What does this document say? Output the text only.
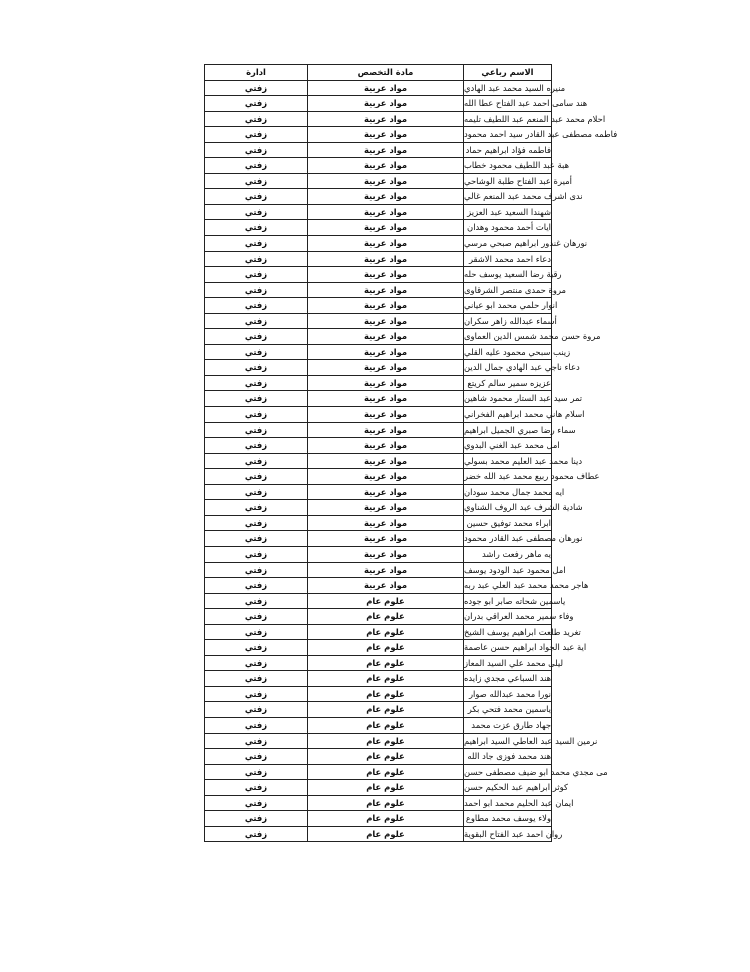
ادارة	مادة التخصص	الاسم رباعي
زفتي	مواد عربية	منيره السيد محمد عبد الهادي
زفتي	مواد عربية	هند سامى احمد عبد الفتاح عطا الله
زفتي	مواد عربية	احلام محمد عبد المنعم عبد اللطيف تليمه
زفتي	مواد عربية	فاطمه مصطفى عبد القادر سيد احمد محمود
زفتي	مواد عربية	فاطمه فؤاد ابراهيم حماد
زفتي	مواد عربية	هبة عبد اللطيف محمود خطاب
زفتي	مواد عربية	أميرة عبد الفتاح طلبة الوشاحي
زفتي	مواد عربية	ندى اشرف محمد عبد المنعم غالي
زفتي	مواد عربية	شهندا السعيد عبد العزيز
زفتي	مواد عربية	ايات أحمد محمود وهدان
زفتي	مواد عربية	نورهان غندور ابراهيم صبحي مرسي
زفتي	مواد عربية	دعاء احمد محمد الاشقر
زفتي	مواد عربية	رقية رضا السعيد يوسف حله
زفتي	مواد عربية	مروة حمدى منتصر الشرقاوى
زفتي	مواد عربية	انوار حلمي محمد ابو عياني
زفتي	مواد عربية	أسماء عبدالله زاهر سكران
زفتي	مواد عربية	مروة حسن محمد شمس الدين العماوى
زفتي	مواد عربية	زينب سبحي محمود عليه القلي
زفتي	مواد عربية	دعاء ناجي عبد الهادي جمال الدين
زفتي	مواد عربية	عزيزه سمير سالم كريتع
زفتي	مواد عربية	تمر سيد عبد الستار محمود شاهين
زفتي	مواد عربية	اسلام هاني محمد ابراهيم الفخراني
زفتي	مواد عربية	سماء رضا صبري الجميل ابراهيم
زفتي	مواد عربية	امل محمد عبد الغني البدوي
زفتي	مواد عربية	دينا محمد عبد العليم محمد بسولي
زفتي	مواد عربية	عطاف محمود ربيع محمد عبد الله خضر
زفتي	مواد عربية	ايه محمد جمال محمد سودان
زفتي	مواد عربية	شادية الشرف عبد الروف الشناوي
زفتي	مواد عربية	ابراء محمد توفيق حسين
زفتي	مواد عربية	نورهان مصطفى عبد القادر محمود
زفتي	مواد عربية	يه ماهر رفعت راشد
زفتي	مواد عربية	امل محمود عبد الودود يوسف
زفتي	مواد عربية	هاجر محمد محمد عبد العلي عبد ربه
زفتي	علوم عام	ياسمين شحاته صابر ابو جوده
زفتي	علوم عام	وفاء سمير محمد العراقي بدران
زفتي	علوم عام	تغريد طلعت ابراهيم يوسف الشيخ
زفتي	علوم عام	اية عبد الجواد ابراهيم حسن عاصمة
زفتي	علوم عام	ليلى محمد علي السيد المعاز
زفتي	علوم عام	هند السباعي مجدي زايده
زفتي	علوم عام	نورا محمد عبدالله صوار
زفتي	علوم عام	ياسمين محمد فتحي بكر
زفتي	علوم عام	جهاد طارق عزت محمد
زفتي	علوم عام	نرمين السيد عبد العاطي السيد ابراهيم
زفتي	علوم عام	هند محمد فوزى جاد الله
زفتي	علوم عام	مى مجدي محمد ابو ضيف مصطفى حسن
زفتي	علوم عام	كوثر ابراهيم عبد الحكيم حسن
زفتي	علوم عام	ايمان عبد الحليم محمد ابو احمد
زفتي	علوم عام	ولاء يوسف محمد مطاوع
زفتي	علوم عام	روان احمد عبد الفتاح البقوية
